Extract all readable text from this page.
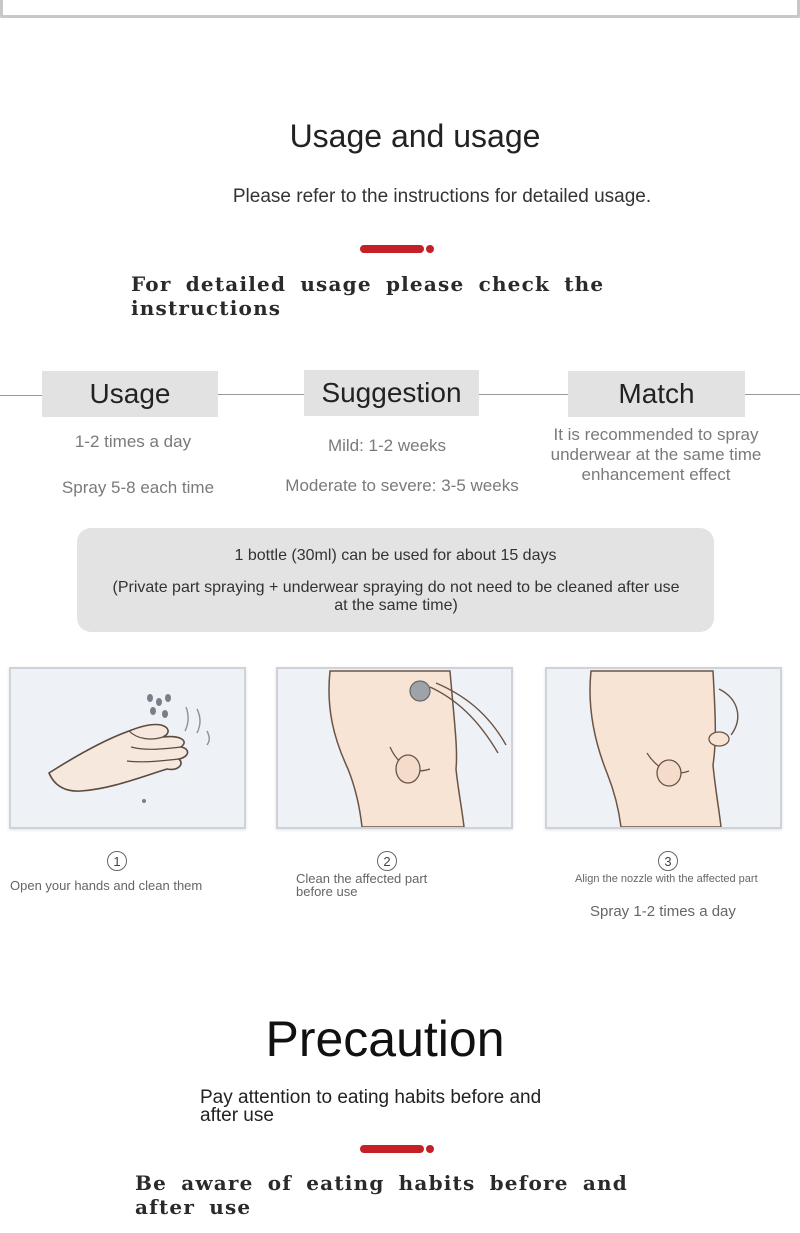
Usage and usage
Please refer to the instructions for detailed usage.
For detailed usage please check the instructions
Usage	Suggestion	Match
1-2 times a day
Spray 5-8 each time
Mild: 1-2 weeks
Moderate to severe: 3-5 weeks
It is recommended to spray underwear at the same time enhancement effect
1 bottle (30ml) can be used for about 15 days
(Private part spraying + underwear spraying do not need to be cleaned after use at the same time)
1
Open your hands and clean them
2
Clean the affected part before use
3
Align the nozzle with the affected part
Spray 1-2 times a day
Precaution
Pay attention to eating habits before and after use
Be aware of eating habits before and after use
